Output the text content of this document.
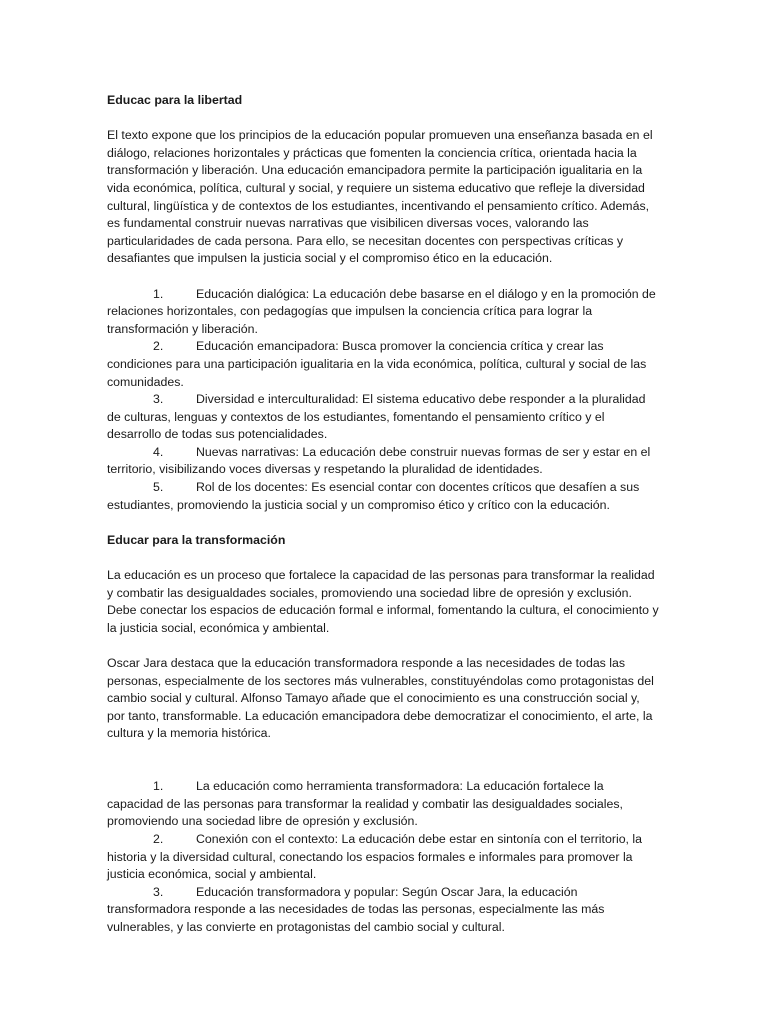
Educac para la libertad

El texto expone que los principios de la educación popular promueven una enseñanza basada en el diálogo, relaciones horizontales y prácticas que fomenten la conciencia crítica, orientada hacia la transformación y liberación. Una educación emancipadora permite la participación igualitaria en la vida económica, política, cultural y social, y requiere un sistema educativo que refleje la diversidad cultural, lingüística y de contextos de los estudiantes, incentivando el pensamiento crítico. Además, es fundamental construir nuevas narrativas que visibilicen diversas voces, valorando las particularidades de cada persona. Para ello, se necesitan docentes con perspectivas críticas y desafiantes que impulsen la justicia social y el compromiso ético en la educación.

1.	Educación dialógica: La educación debe basarse en el diálogo y en la promoción de relaciones horizontales, con pedagogías que impulsen la conciencia crítica para lograr la transformación y liberación.

2.	Educación emancipadora: Busca promover la conciencia crítica y crear las condiciones para una participación igualitaria en la vida económica, política, cultural y social de las comunidades.

3.	Diversidad e interculturalidad: El sistema educativo debe responder a la pluralidad de culturas, lenguas y contextos de los estudiantes, fomentando el pensamiento crítico y el desarrollo de todas sus potencialidades.

4.	Nuevas narrativas: La educación debe construir nuevas formas de ser y estar en el territorio, visibilizando voces diversas y respetando la pluralidad de identidades.

5.	Rol de los docentes: Es esencial contar con docentes críticos que desafíen a sus estudiantes, promoviendo la justicia social y un compromiso ético y crítico con la educación.

Educar para la transformación

La educación es un proceso que fortalece la capacidad de las personas para transformar la realidad y combatir las desigualdades sociales, promoviendo una sociedad libre de opresión y exclusión. Debe conectar los espacios de educación formal e informal, fomentando la cultura, el conocimiento y la justicia social, económica y ambiental.

Oscar Jara destaca que la educación transformadora responde a las necesidades de todas las personas, especialmente de los sectores más vulnerables, constituyéndolas como protagonistas del cambio social y cultural. Alfonso Tamayo añade que el conocimiento es una construcción social y, por tanto, transformable. La educación emancipadora debe democratizar el conocimiento, el arte, la cultura y la memoria histórica.

1.	La educación como herramienta transformadora: La educación fortalece la capacidad de las personas para transformar la realidad y combatir las desigualdades sociales, promoviendo una sociedad libre de opresión y exclusión.

2.	Conexión con el contexto: La educación debe estar en sintonía con el territorio, la historia y la diversidad cultural, conectando los espacios formales e informales para promover la justicia económica, social y ambiental.

3.	Educación transformadora y popular: Según Oscar Jara, la educación transformadora responde a las necesidades de todas las personas, especialmente las más vulnerables, y las convierte en protagonistas del cambio social y cultural.
